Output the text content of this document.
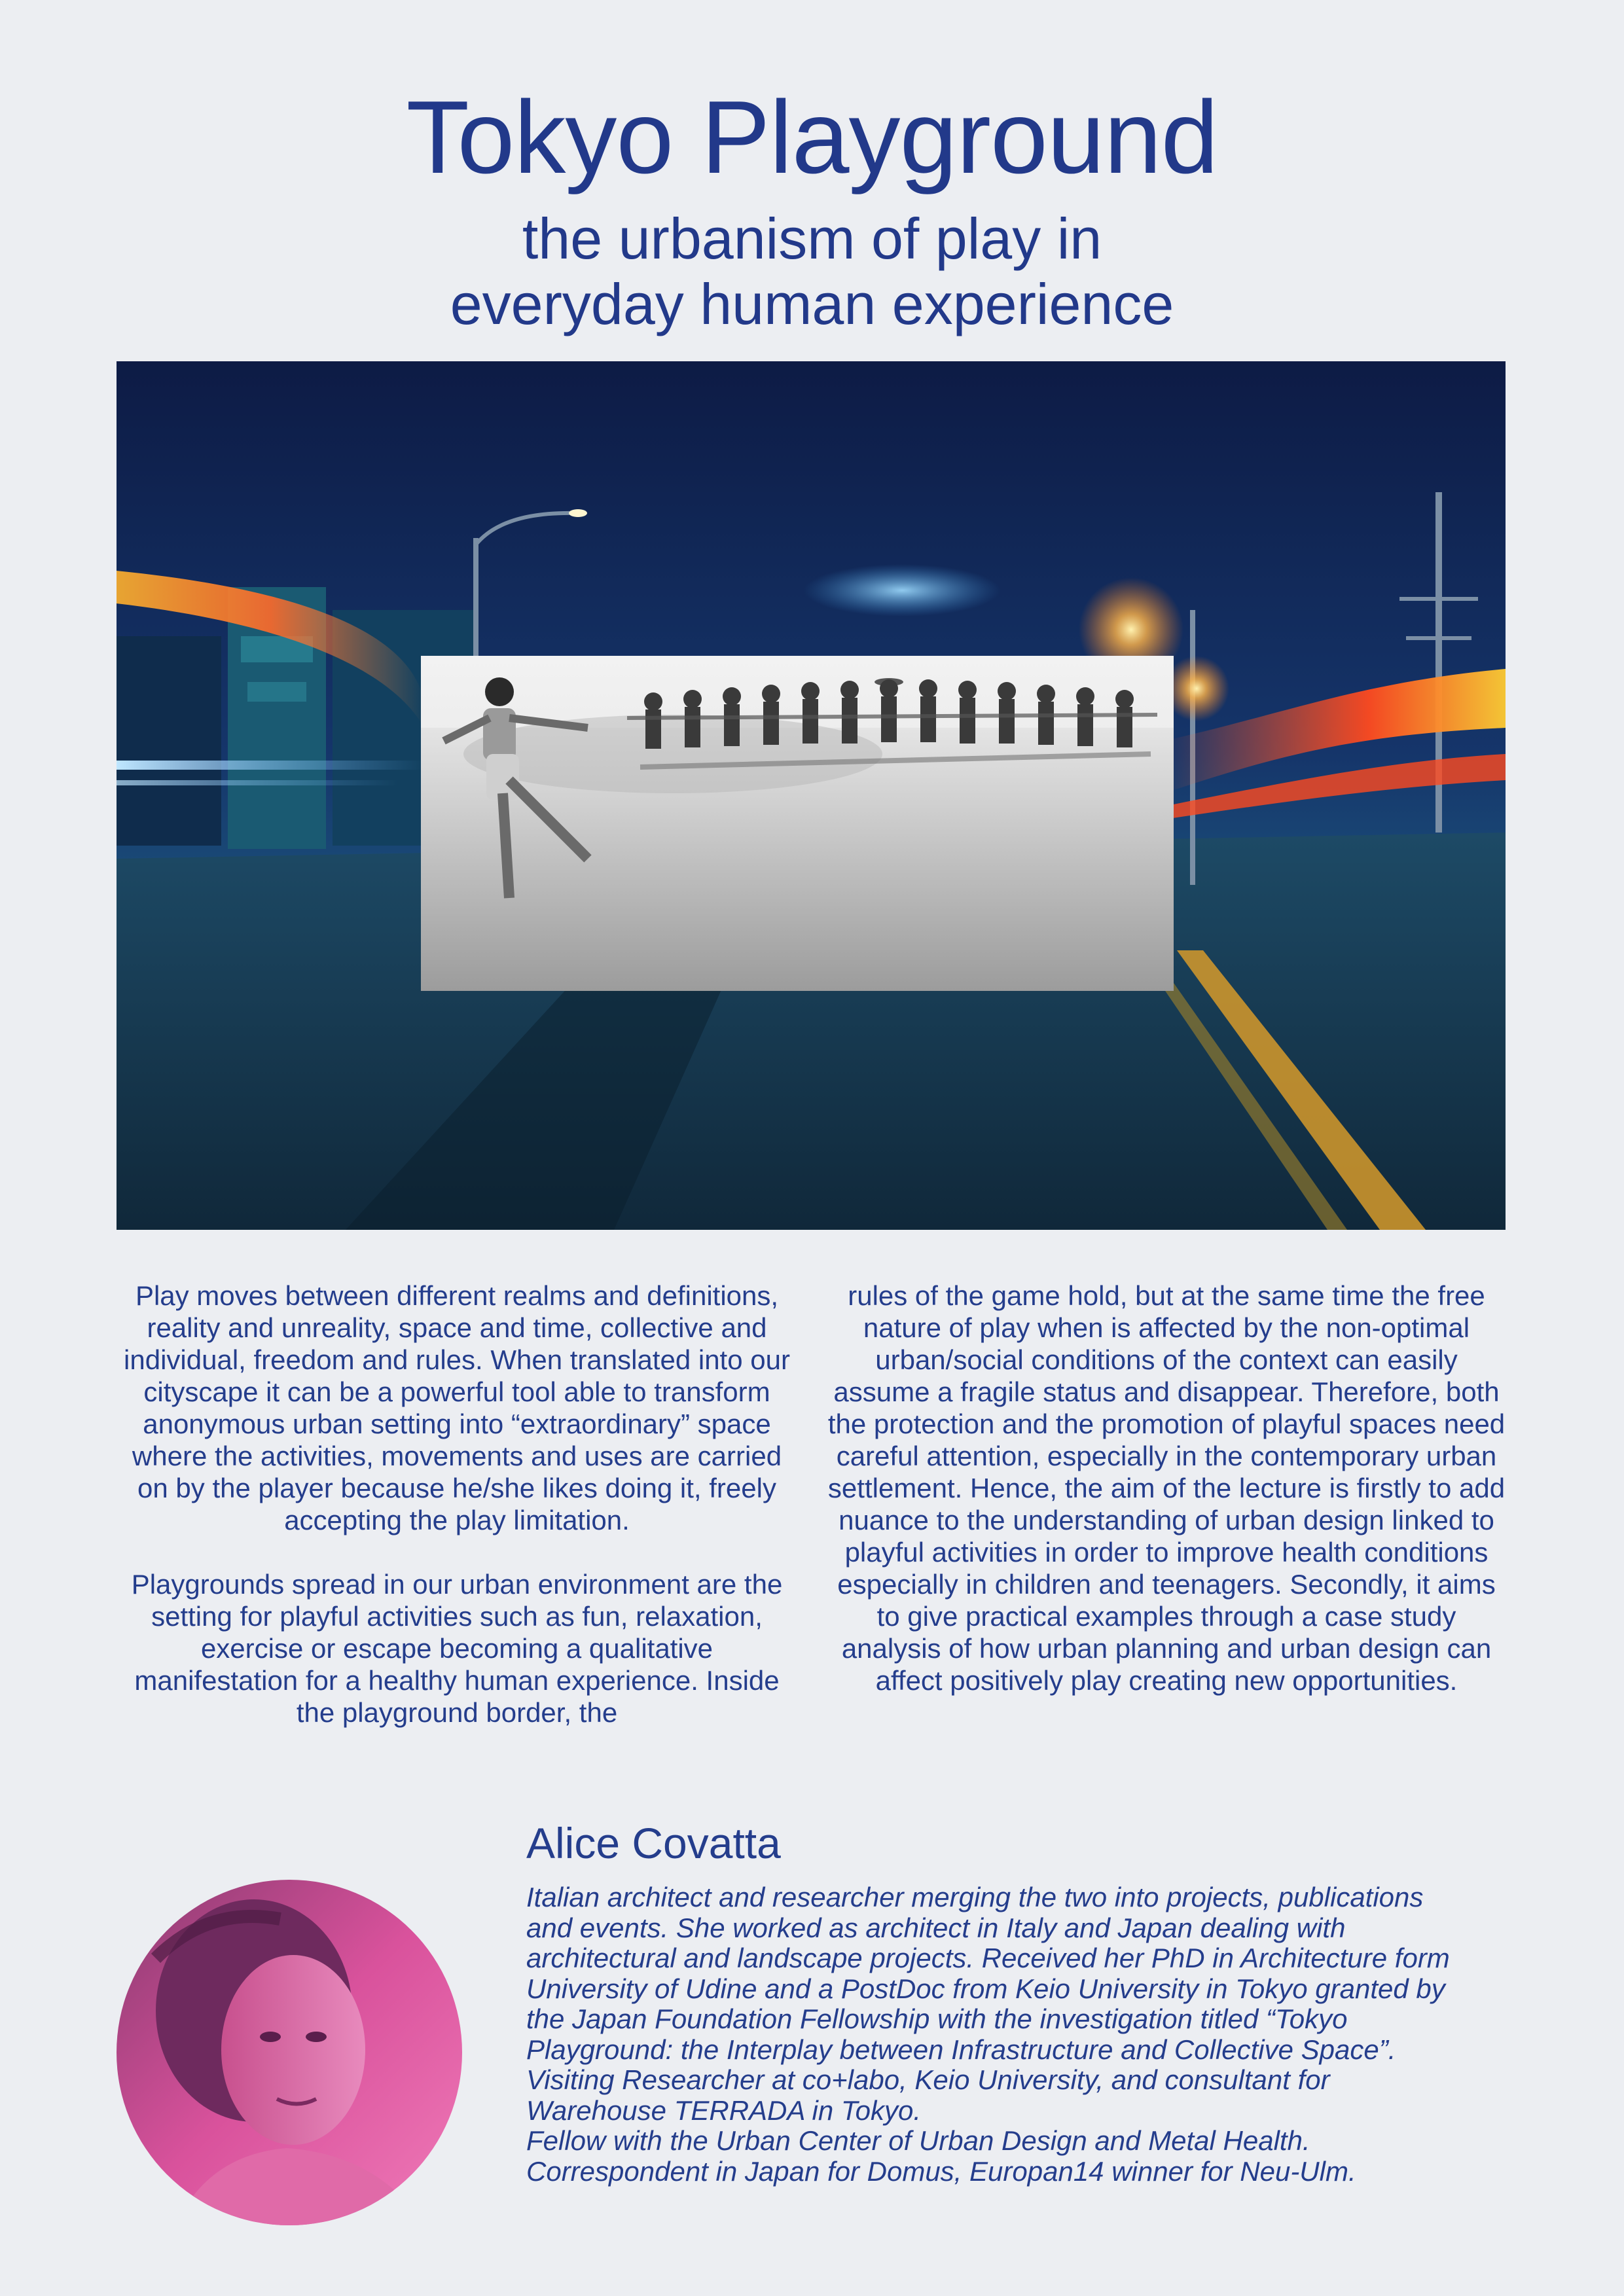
Tokyo Playground
the urbanism of play in
everyday human experience

Play moves between different realms and definitions, reality and unreality, space and time, collective and individual, freedom and rules. When translated into our cityscape it can be a powerful tool able to transform anonymous urban setting into “extraordinary” space where the activities, movements and uses are carried on by the player because he/she likes doing it, freely accepting the play limitation.

Playgrounds spread in our urban environment are the setting for playful activities such as fun, relaxation, exercise or escape becoming a qualitative manifestation for a healthy human experience. Inside the playground border, the

rules of the game hold, but at the same time the free nature of play when is affected by the non-optimal urban/social conditions of the context can easily assume a fragile status and disappear. Therefore, both the protection and the promotion of playful spaces need careful attention, especially in the contemporary urban settlement. Hence, the aim of the lecture is firstly to add nuance to the understanding of urban design linked to playful activities in order to improve health conditions especially in children and teenagers. Secondly, it aims to give practical examples through a case study analysis of how urban planning and urban design can affect positively play creating new opportunities.

Alice Covatta

Italian architect and researcher merging the two into projects, publications and events. She worked as architect in Italy and Japan dealing with architectural and landscape projects. Received her PhD in Architecture form University of Udine and a PostDoc from Keio University in Tokyo granted by the Japan Foundation Fellowship with the investigation titled “Tokyo Playground: the Interplay between Infrastructure and Collective Space”.

Visiting Researcher at co+labo, Keio University, and consultant for Warehouse TERRADA in Tokyo.

Fellow with the Urban Center of Urban Design and Metal Health.

Correspondent in Japan for Domus, Europan14 winner for Neu-Ulm.
